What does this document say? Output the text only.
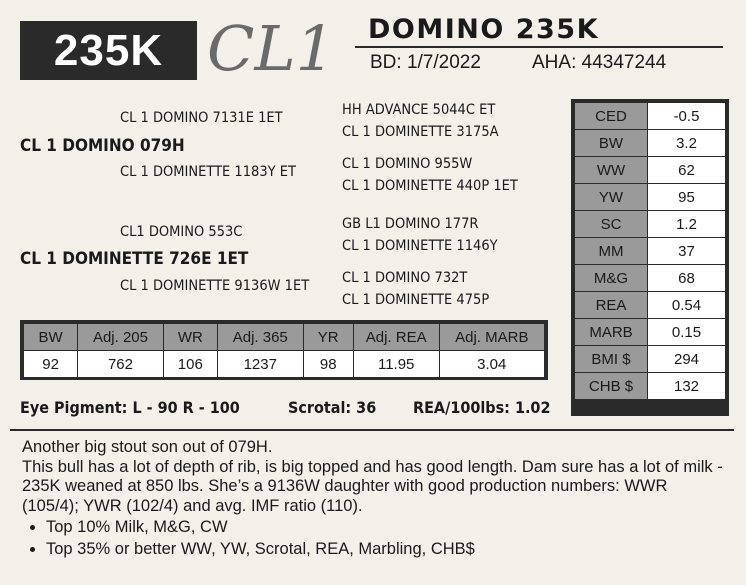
235K CL1 DOMINO 235K
BD: 1/7/2022	AHA: 44347244
CL 1 DOMINO 7131E 1ET
CL 1 DOMINO 079H
CL 1 DOMINETTE 1183Y ET
HH ADVANCE 5044C ET
CL 1 DOMINETTE 3175A
CL 1 DOMINO 955W
CL 1 DOMINETTE 440P 1ET
CL1 DOMINO 553C
CL 1 DOMINETTE 726E 1ET
CL 1 DOMINETTE 9136W 1ET
GB L1 DOMINO 177R
CL 1 DOMINETTE 1146Y
CL 1 DOMINO 732T
CL 1 DOMINETTE 475P
CED	-0.5
BW	3.2
WW	62
YW	95
SC	1.2
MM	37
M&G	68
REA	0.54
MARB	0.15
BMI $	294
CHB $	132
BW	Adj. 205	WR	Adj. 365	YR	Adj. REA	Adj. MARB
92	762	106	1237	98	11.95	3.04
Eye Pigment: L - 90 R - 100	Scrotal: 36 REA/100lbs: 1.02

Another big stout son out of 079H.

This bull has a lot of depth of rib, is big topped and has good length. Dam sure has a lot of milk - 235K weaned at 850 lbs. She’s a 9136W daughter with good production numbers: WWR (105/4); YWR (102/4) and avg. IMF ratio (110).

• Top 10% Milk, M&G, CW
• Top 35% or better WW, YW, Scrotal, REA, Marbling, CHB$
